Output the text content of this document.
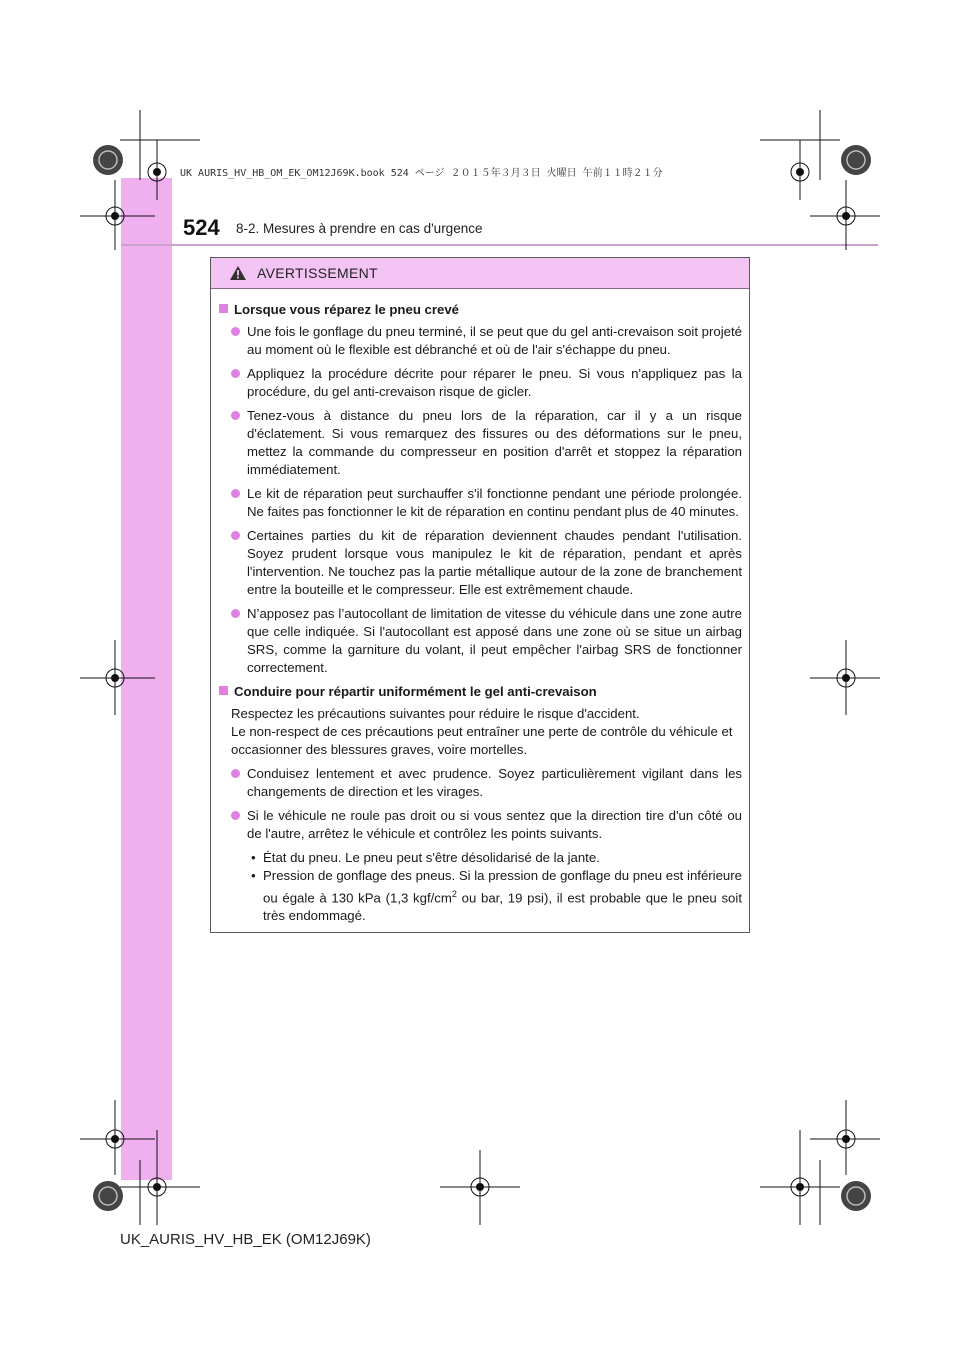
UK AURIS_HV_HB_OM_EK_OM12J69K.book 524 ページ ２０１５年３月３日 火曜日 午前１１時２１分
524 8-2. Mesures à prendre en cas d'urgence
AVERTISSEMENT
Lorsque vous réparez le pneu crevé
Une fois le gonflage du pneu terminé, il se peut que du gel anti-crevaison soit projeté au moment où le flexible est débranché et où de l'air s'échappe du pneu.
Appliquez la procédure décrite pour réparer le pneu. Si vous n'appliquez pas la procédure, du gel anti-crevaison risque de gicler.
Tenez-vous à distance du pneu lors de la réparation, car il y a un risque d'éclatement. Si vous remarquez des fissures ou des déformations sur le pneu, mettez la commande du compresseur en position d'arrêt et stoppez la réparation immédiatement.
Le kit de réparation peut surchauffer s'il fonctionne pendant une période prolongée. Ne faites pas fonctionner le kit de réparation en continu pendant plus de 40 minutes.
Certaines parties du kit de réparation deviennent chaudes pendant l'utilisation. Soyez prudent lorsque vous manipulez le kit de réparation, pendant et après l'intervention. Ne touchez pas la partie métallique autour de la zone de branchement entre la bouteille et le compresseur. Elle est extrêmement chaude.
N’apposez pas l’autocollant de limitation de vitesse du véhicule dans une zone autre que celle indiquée. Si l'autocollant est apposé dans une zone où se situe un airbag SRS, comme la garniture du volant, il peut empêcher l'airbag SRS de fonctionner correctement.
Conduire pour répartir uniformément le gel anti-crevaison
Respectez les précautions suivantes pour réduire le risque d'accident.
Le non-respect de ces précautions peut entraîner une perte de contrôle du véhicule et occasionner des blessures graves, voire mortelles.
Conduisez lentement et avec prudence. Soyez particulièrement vigilant dans les changements de direction et les virages.
Si le véhicule ne roule pas droit ou si vous sentez que la direction tire d'un côté ou de l'autre, arrêtez le véhicule et contrôlez les points suivants.
• État du pneu. Le pneu peut s'être désolidarisé de la jante.
• Pression de gonflage des pneus. Si la pression de gonflage du pneu est inférieure ou égale à 130 kPa (1,3 kgf/$cm^2$ ou bar, 19 psi), il est probable que le pneu soit très endommagé.
UK_AURIS_HV_HB_EK (OM12J69K)
